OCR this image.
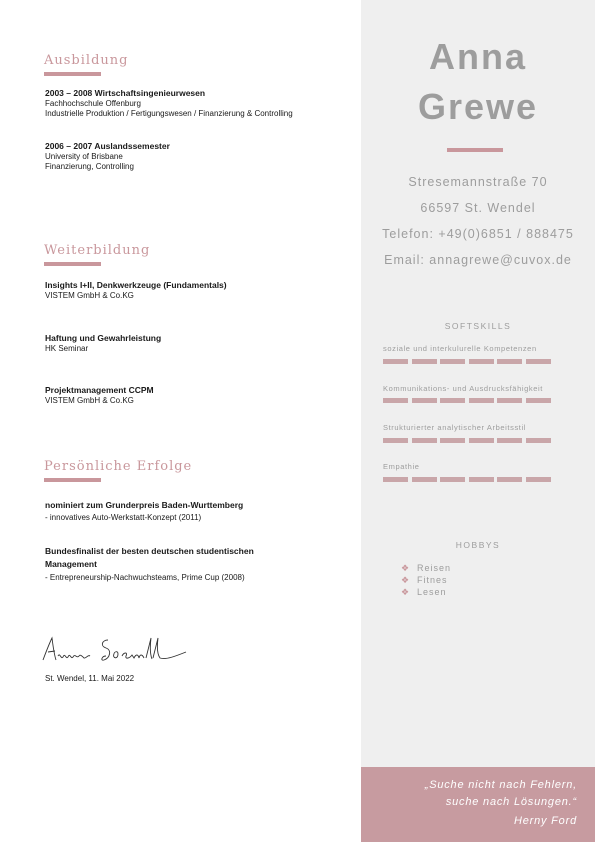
Ausbildung
2003 – 2008 Wirtschaftsingenieurwesen
Fachhochschule Offenburg
Industrielle Produktion / Fertigungswesen / Finanzierung & Controlling
2006 – 2007 Auslandssemester
University of Brisbane
Finanzierung, Controlling
Weiterbildung
Insights I+II, Denkwerkzeuge (Fundamentals)
VISTEM GmbH & Co.KG
Haftung und Gewahrleistung
HK Seminar
Projektmanagement CCPM
VISTEM GmbH & Co.KG
Persönliche Erfolge
nominiert zum Grunderpreis Baden-Wurttemberg
- innovatives Auto-Werkstatt-Konzept (2011)
Bundesfinalist der besten deutschen studentischen Management
- Entrepreneurship-Nachwuchsteams, Prime Cup (2008)
St. Wendel, 11. Mai 2022
Anna
Grewe
Stresemannstraße 70
66597 St. Wendel
Telefon: +49(0)6851 / 888475
Email: annagrewe@cuvox.de
SOFTSKILLS
soziale und interkulurelle Kompetenzen
Kommunikations- und Ausdrucksfähigkeit
Strukturierter analytischer Arbeitsstil
Empathie
HOBBYS
❖ Reisen
❖ Fitnes
❖ Lesen
„Suche nicht nach Fehlern,
suche nach Lösungen.“
Herny Ford
